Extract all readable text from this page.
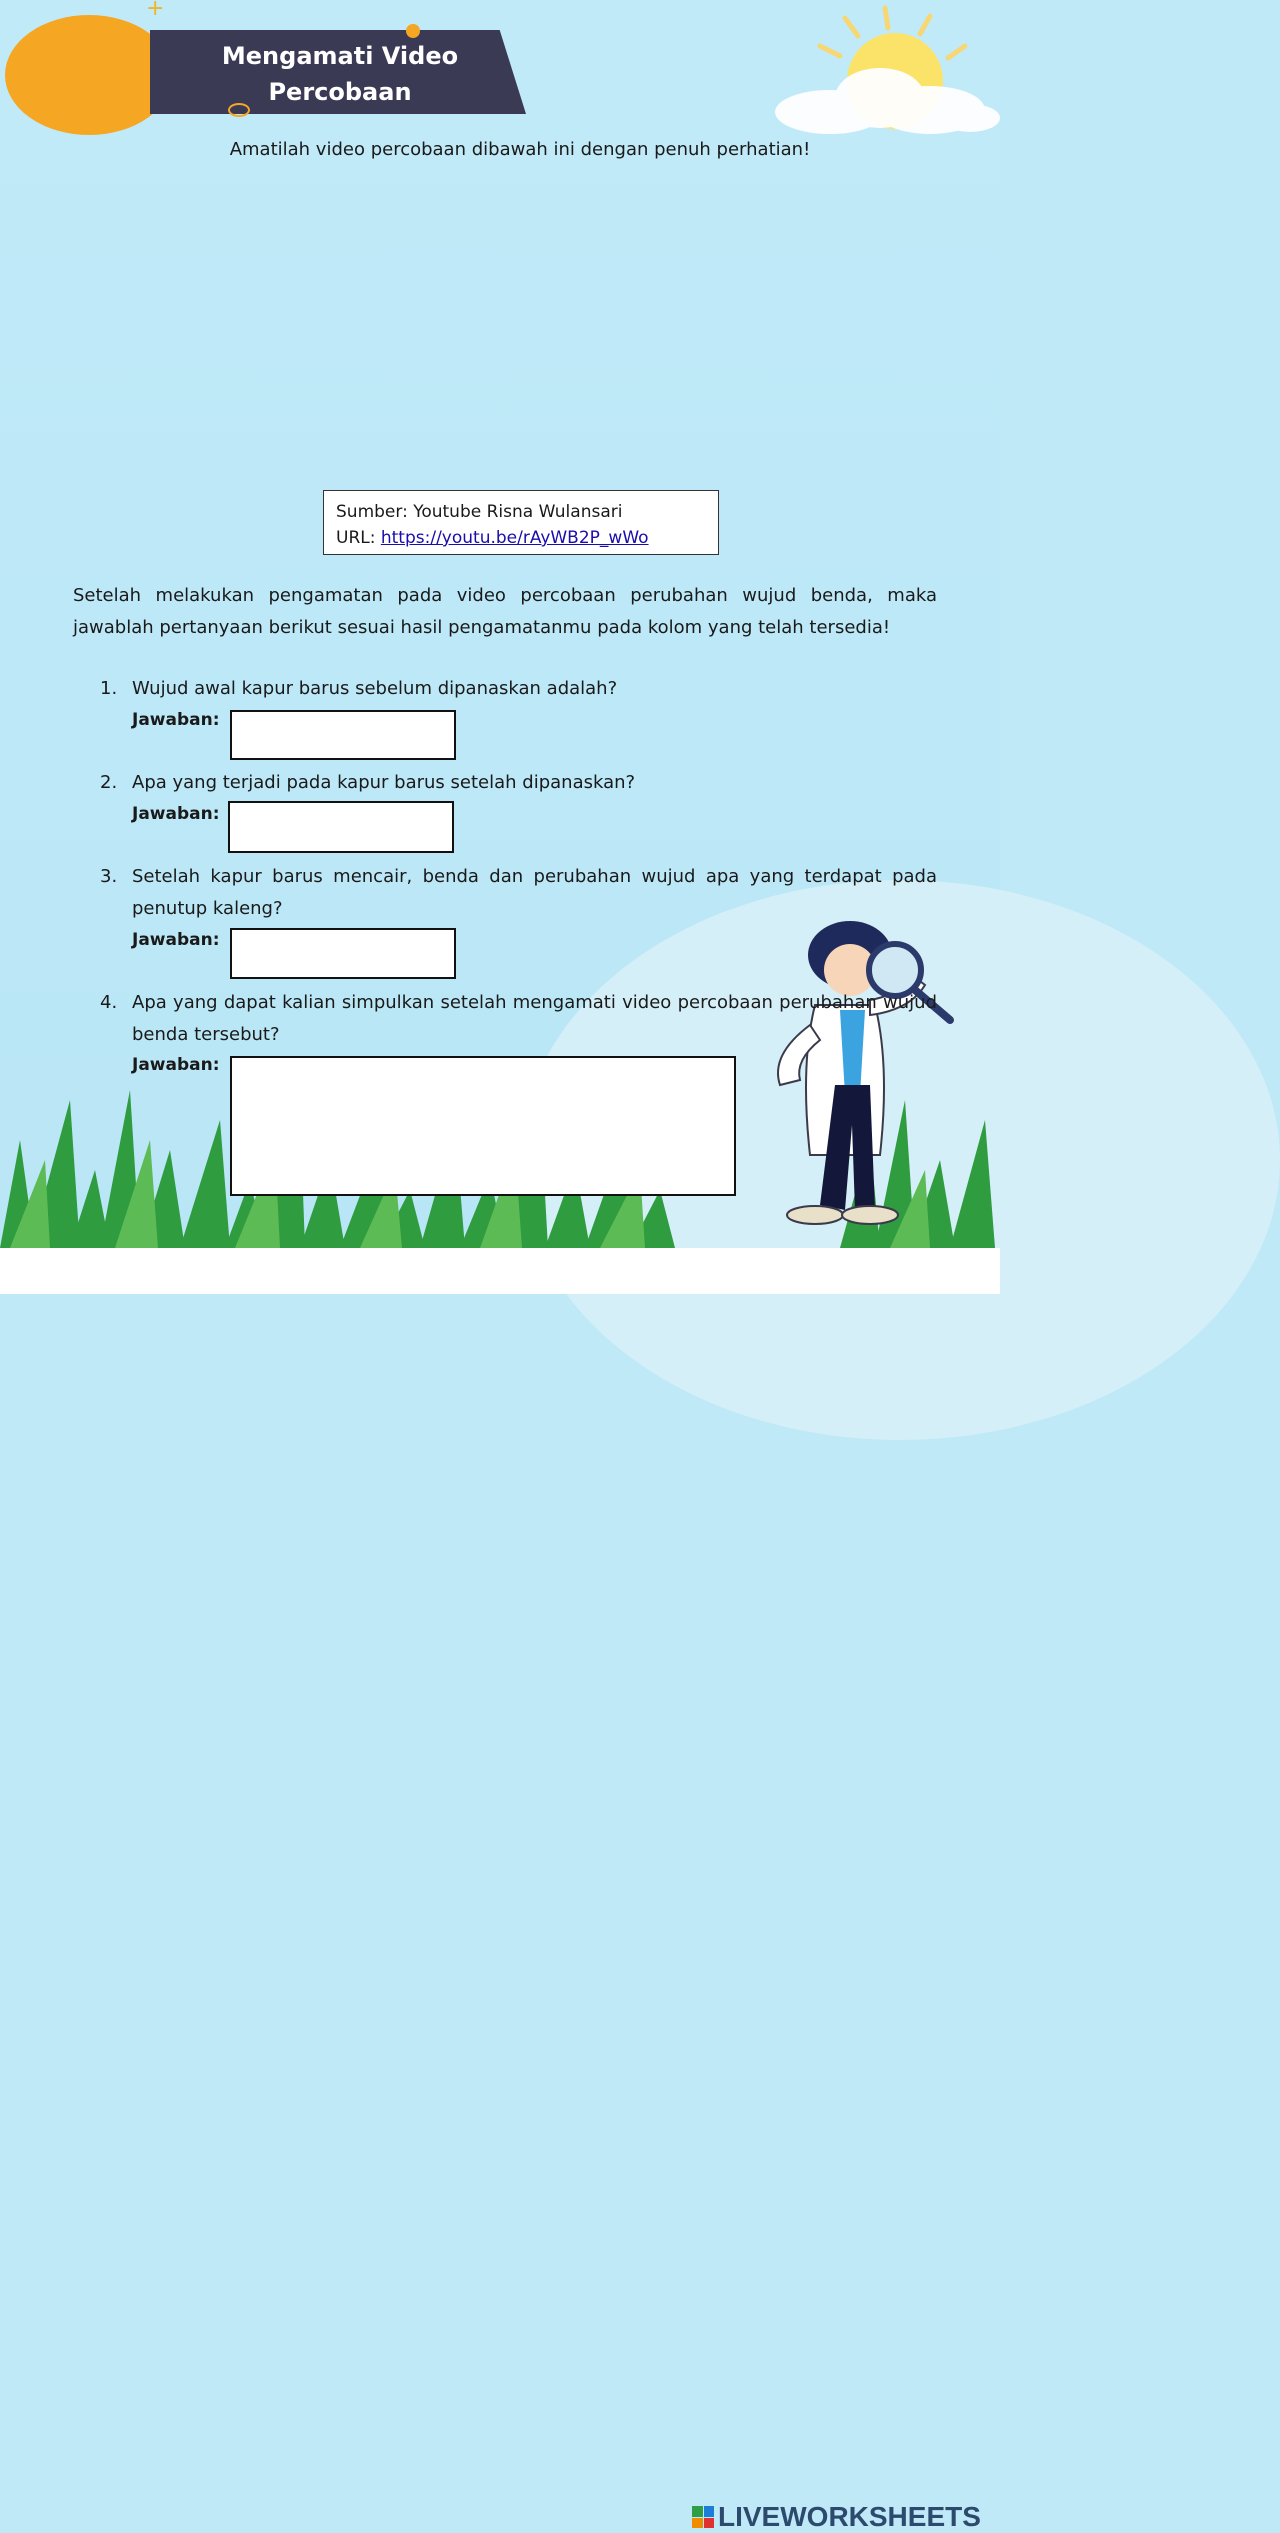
+
Mengamati Video
Percobaan
Amatilah video percobaan dibawah ini dengan penuh perhatian!
Sumber: Youtube Risna Wulansari
URL: https://youtu.be/rAyWB2P_wWo
Setelah melakukan pengamatan pada video percobaan perubahan wujud benda, maka jawablah pertanyaan berikut sesuai hasil pengamatanmu pada kolom yang telah tersedia!
1. Wujud awal kapur barus sebelum dipanaskan adalah?
Jawaban:
2. Apa yang terjadi pada kapur barus setelah dipanaskan?
Jawaban:
3. Setelah kapur barus mencair, benda dan perubahan wujud apa yang terdapat pada penutup kaleng?
Jawaban:
4. Apa yang dapat kalian simpulkan setelah mengamati video percobaan perubahan wujud benda tersebut?
Jawaban:
LIVEWORKSHEETS
